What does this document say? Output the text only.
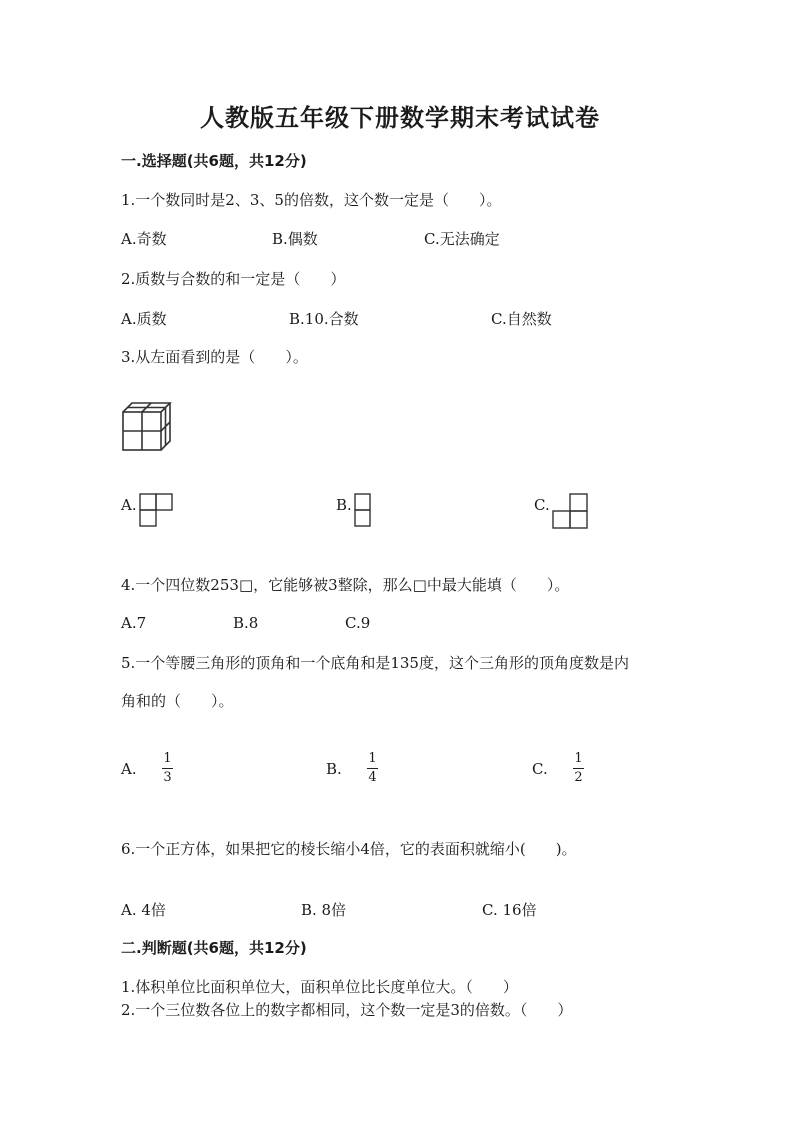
人教版五年级下册数学期末考试试卷
一.选择题(共6题，共12分)
1.一个数同时是2、3、5的倍数，这个数一定是（　　）。
A.奇数	B.偶数	C.无法确定
2.质数与合数的和一定是（　　）
A.质数	B.10.合数	C.自然数
3.从左面看到的是（　　）。
A.	B.	C.
4.一个四位数253□，它能够被3整除，那么□中最大能填（　　）。
A.7	B.8	C.9
5.一个等腰三角形的顶角和一个底角和是135度，这个三角形的顶角度数是内
角和的（　　）。
A.
1
3	B.
1
4	C.
1
2
6.一个正方体，如果把它的棱长缩小4倍，它的表面积就缩小(　　)。
A. 4倍	B. 8倍	C. 16倍
二.判断题(共6题，共12分)
1.体积单位比面积单位大，面积单位比长度单位大。（　　）
2.一个三位数各位上的数字都相同，这个数一定是3的倍数。（　　）
